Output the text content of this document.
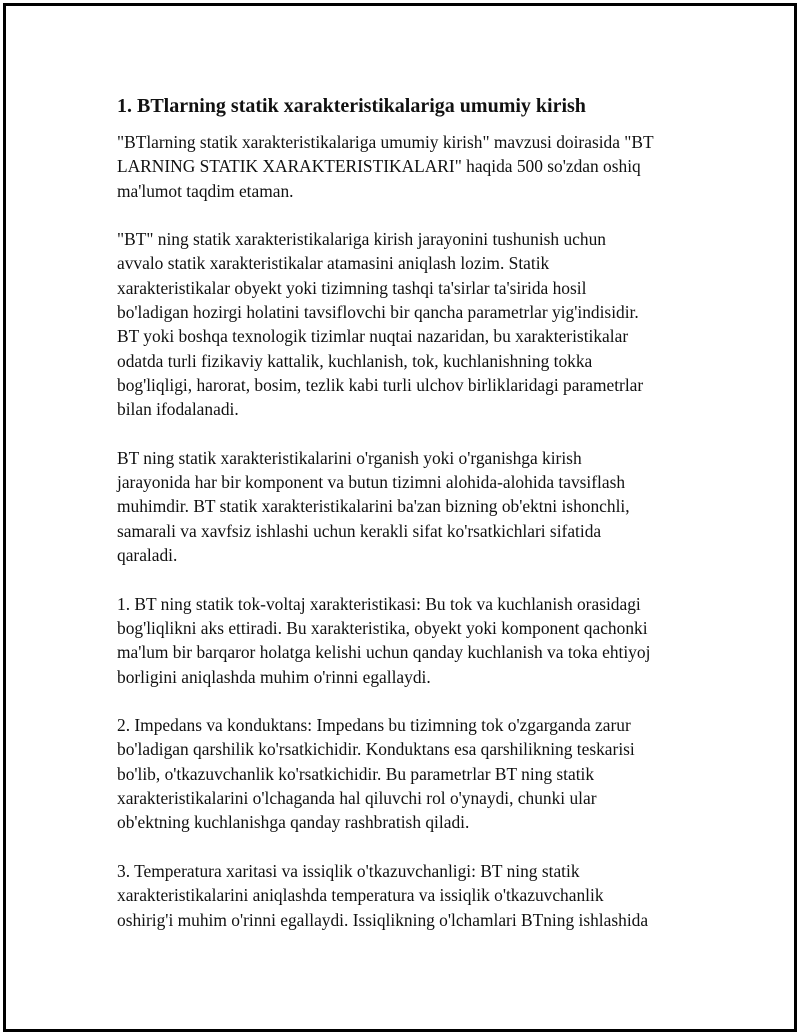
1. BTlarning statik xarakteristikalariga umumiy kirish
"BTlarning statik xarakteristikalariga umumiy kirish" mavzusi doirasida "BT
LARNING STATIK XARAKTERISTIKALARI" haqida 500 so'zdan oshiq
ma'lumot taqdim etaman.
"BT" ning statik xarakteristikalariga kirish jarayonini tushunish uchun
avvalo statik xarakteristikalar atamasini aniqlash lozim. Statik
xarakteristikalar obyekt yoki tizimning tashqi ta'sirlar ta'sirida hosil
bo'ladigan hozirgi holatini tavsiflovchi bir qancha parametrlar yig'indisidir.
BT yoki boshqa texnologik tizimlar nuqtai nazaridan, bu xarakteristikalar
odatda turli fizikaviy kattalik, kuchlanish, tok, kuchlanishning tokka
bog'liqligi, harorat, bosim, tezlik kabi turli ulchov birliklaridagi parametrlar
bilan ifodalanadi.
BT ning statik xarakteristikalarini o'rganish yoki o'rganishga kirish
jarayonida har bir komponent va butun tizimni alohida-alohida tavsiflash
muhimdir. BT statik xarakteristikalarini ba'zan bizning ob'ektni ishonchli,
samarali va xavfsiz ishlashi uchun kerakli sifat ko'rsatkichlari sifatida
qaraladi.
1. BT ning statik tok-voltaj xarakteristikasi: Bu tok va kuchlanish orasidagi
bog'liqlikni aks ettiradi. Bu xarakteristika, obyekt yoki komponent qachonki
ma'lum bir barqaror holatga kelishi uchun qanday kuchlanish va toka ehtiyoj
borligini aniqlashda muhim o'rinni egallaydi.
2. Impedans va konduktans: Impedans bu tizimning tok o'zgarganda zarur
bo'ladigan qarshilik ko'rsatkichidir. Konduktans esa qarshilikning teskarisi
bo'lib, o'tkazuvchanlik ko'rsatkichidir. Bu parametrlar BT ning statik
xarakteristikalarini o'lchaganda hal qiluvchi rol o'ynaydi, chunki ular
ob'ektning kuchlanishga qanday rashbratish qiladi.
3. Temperatura xaritasi va issiqlik o'tkazuvchanligi: BT ning statik
xarakteristikalarini aniqlashda temperatura va issiqlik o'tkazuvchanlik
oshirig'i muhim o'rinni egallaydi. Issiqlikning o'lchamlari BTning ishlashida
